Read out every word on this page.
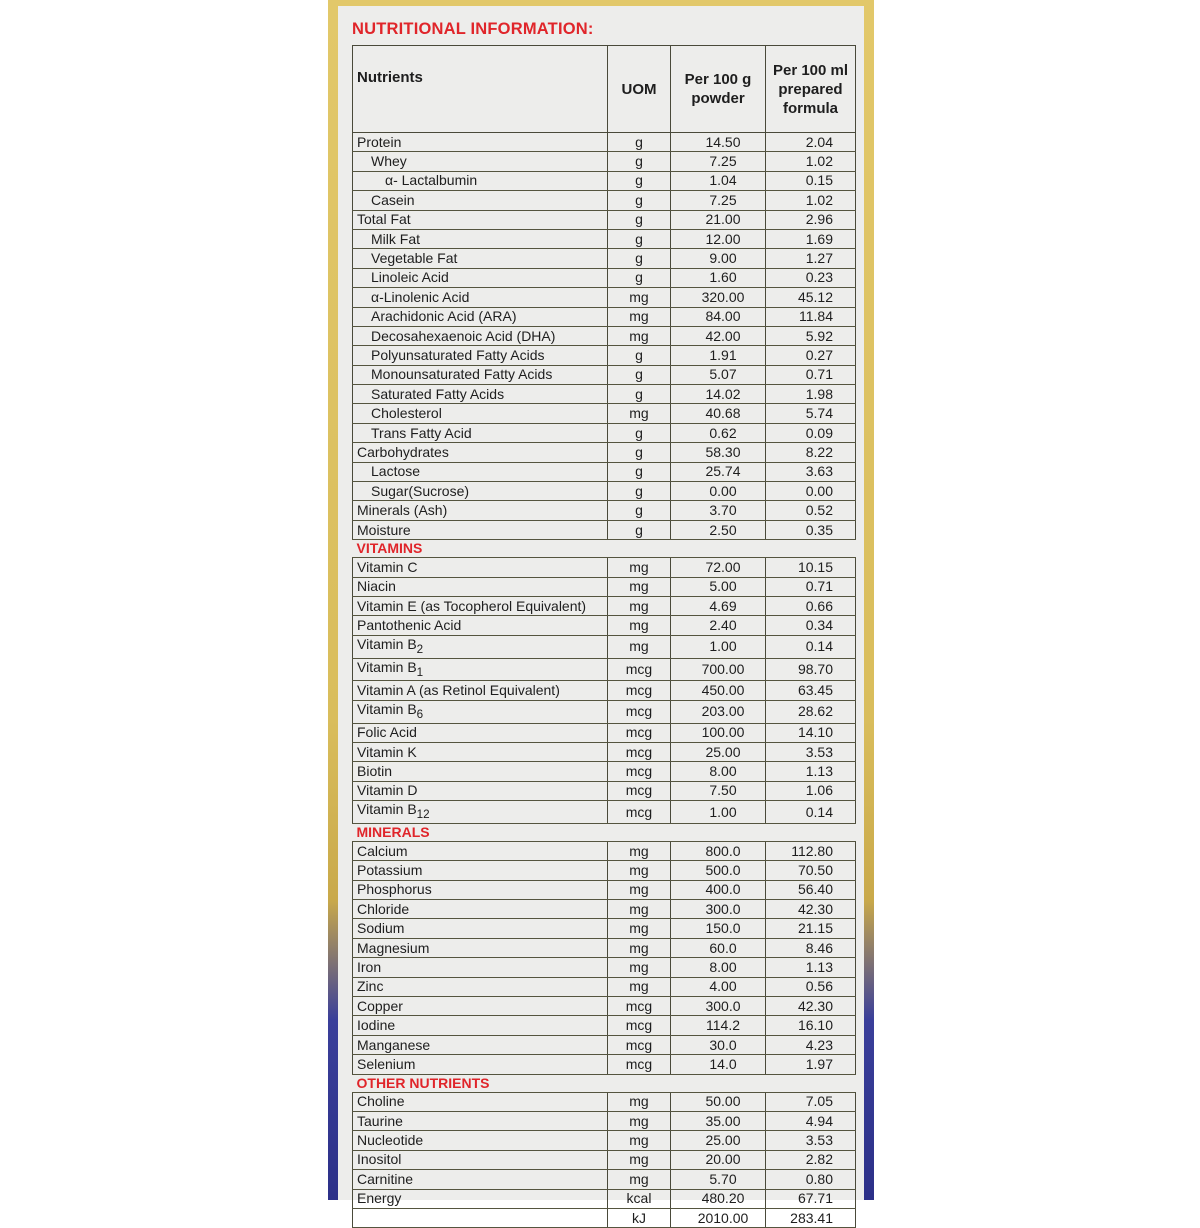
NUTRITIONAL INFORMATION:
Nutrients	UOM	Per 100 g powder	Per 100 ml prepared formula
Protein	g	14.50	2.04
Whey	g	7.25	1.02
α- Lactalbumin	g	1.04	0.15
Casein	g	7.25	1.02
Total Fat	g	21.00	2.96
Milk Fat	g	12.00	1.69
Vegetable Fat	g	9.00	1.27
Linoleic Acid	g	1.60	0.23
α-Linolenic Acid	mg	320.00	45.12
Arachidonic Acid (ARA)	mg	84.00	11.84
Decosahexaenoic Acid (DHA)	mg	42.00	5.92
Polyunsaturated Fatty Acids	g	1.91	0.27
Monounsaturated Fatty Acids	g	5.07	0.71
Saturated Fatty Acids	g	14.02	1.98
Cholesterol	mg	40.68	5.74
Trans Fatty Acid	g	0.62	0.09
Carbohydrates	g	58.30	8.22
Lactose	g	25.74	3.63
Sugar(Sucrose)	g	0.00	0.00
Minerals (Ash)	g	3.70	0.52
Moisture	g	2.50	0.35
VITAMINS			
Vitamin C	mg	72.00	10.15
Niacin	mg	5.00	0.71
Vitamin E (as Tocopherol Equivalent)	mg	4.69	0.66
Pantothenic Acid	mg	2.40	0.34
Vitamin $B_2$	mg	1.00	0.14
Vitamin $B_1$	mcg	700.00	98.70
Vitamin A (as Retinol Equivalent)	mcg	450.00	63.45
Vitamin $B_6$	mcg	203.00	28.62
Folic Acid	mcg	100.00	14.10
Vitamin K	mcg	25.00	3.53
Biotin	mcg	8.00	1.13
Vitamin D	mcg	7.50	1.06
Vitamin $B_{12}$	mcg	1.00	0.14
MINERALS			
Calcium	mg	800.0	112.80
Potassium	mg	500.0	70.50
Phosphorus	mg	400.0	56.40
Chloride	mg	300.0	42.30
Sodium	mg	150.0	21.15
Magnesium	mg	60.0	8.46
Iron	mg	8.00	1.13
Zinc	mg	4.00	0.56
Copper	mcg	300.0	42.30
Iodine	mcg	114.2	16.10
Manganese	mcg	30.0	4.23
Selenium	mcg	14.0	1.97
OTHER NUTRIENTS			
Choline	mg	50.00	7.05
Taurine	mg	35.00	4.94
Nucleotide	mg	25.00	3.53
Inositol	mg	20.00	2.82
Carnitine	mg	5.70	0.80
Energy	kcal	480.20	67.71
	kJ	2010.00	283.41
